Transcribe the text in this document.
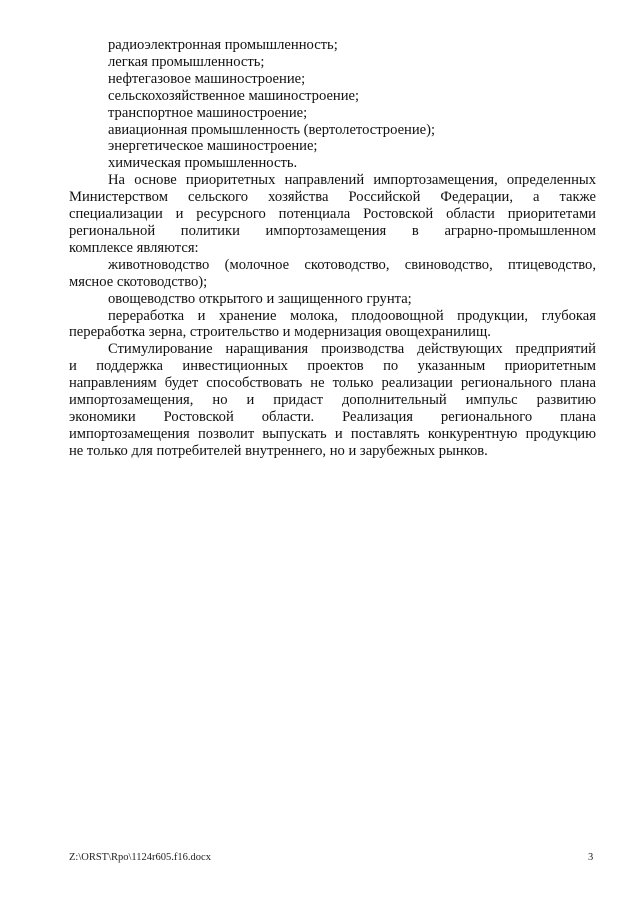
радиоэлектронная промышленность;
легкая промышленность;
нефтегазовое машиностроение;
сельскохозяйственное машиностроение;
транспортное машиностроение;
авиационная промышленность (вертолетостроение);
энергетическое машиностроение;
химическая промышленность.
На основе приоритетных направлений импортозамещения, определенных
Министерством сельского хозяйства Российской Федерации, а также
специализации и ресурсного потенциала Ростовской области приоритетами
региональной политики импортозамещения в аграрно-промышленном
комплексе являются:
животноводство (молочное скотоводство, свиноводство, птицеводство,
мясное скотоводство);
овощеводство открытого и защищенного грунта;
переработка и хранение молока, плодоовощной продукции, глубокая
переработка зерна, строительство и модернизация овощехранилищ.
Стимулирование наращивания производства действующих предприятий
и поддержка инвестиционных проектов по указанным приоритетным
направлениям будет способствовать не только реализации регионального плана
импортозамещения, но и придаст дополнительный импульс развитию
экономики Ростовской области. Реализация регионального плана
импортозамещения позволит выпускать и поставлять конкурентную продукцию
не только для потребителей внутреннего, но и зарубежных рынков.
Z:\ORST\Rpo\1124r605.f16.docx	3
